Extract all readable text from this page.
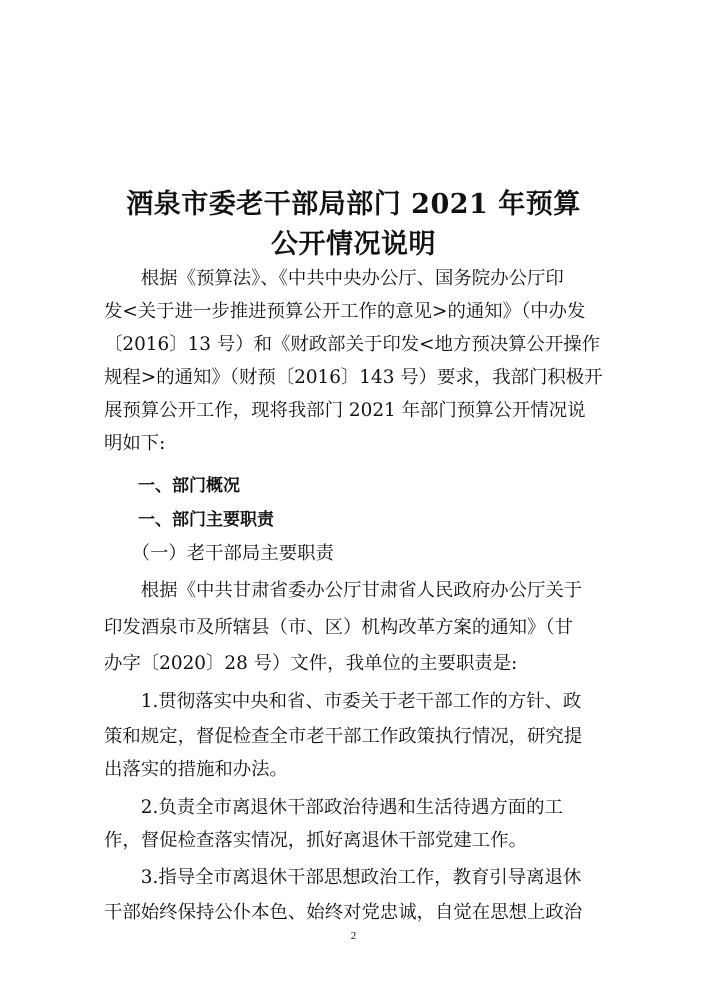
酒泉市委老干部局部门 2021 年预算
公开情况说明
　　根据《预算法》、《中共中央办公厅、国务院办公厅印
发<关于进一步推进预算公开工作的意见>的通知》（中办发
〔2016〕13 号）和《财政部关于印发<地方预决算公开操作
规程>的通知》（财预〔2016〕143 号）要求，我部门积极开
展预算公开工作，现将我部门 2021 年部门预算公开情况说
明如下:
　　一、部门概况
　　一、部门主要职责
　　（一）老干部局主要职责
　　根据《中共甘肃省委办公厅甘肃省人民政府办公厅关于
印发酒泉市及所辖县（市、区）机构改革方案的通知》（甘
办字〔2020〕28 号）文件，我单位的主要职责是:
　　1.贯彻落实中央和省、市委关于老干部工作的方针、政
策和规定，督促检查全市老干部工作政策执行情况，研究提
出落实的措施和办法。
　　2.负责全市离退休干部政治待遇和生活待遇方面的工
作，督促检查落实情况，抓好离退休干部党建工作。
　　3.指导全市离退休干部思想政治工作，教育引导离退休
干部始终保持公仆本色、始终对党忠诚，自觉在思想上政治
2
